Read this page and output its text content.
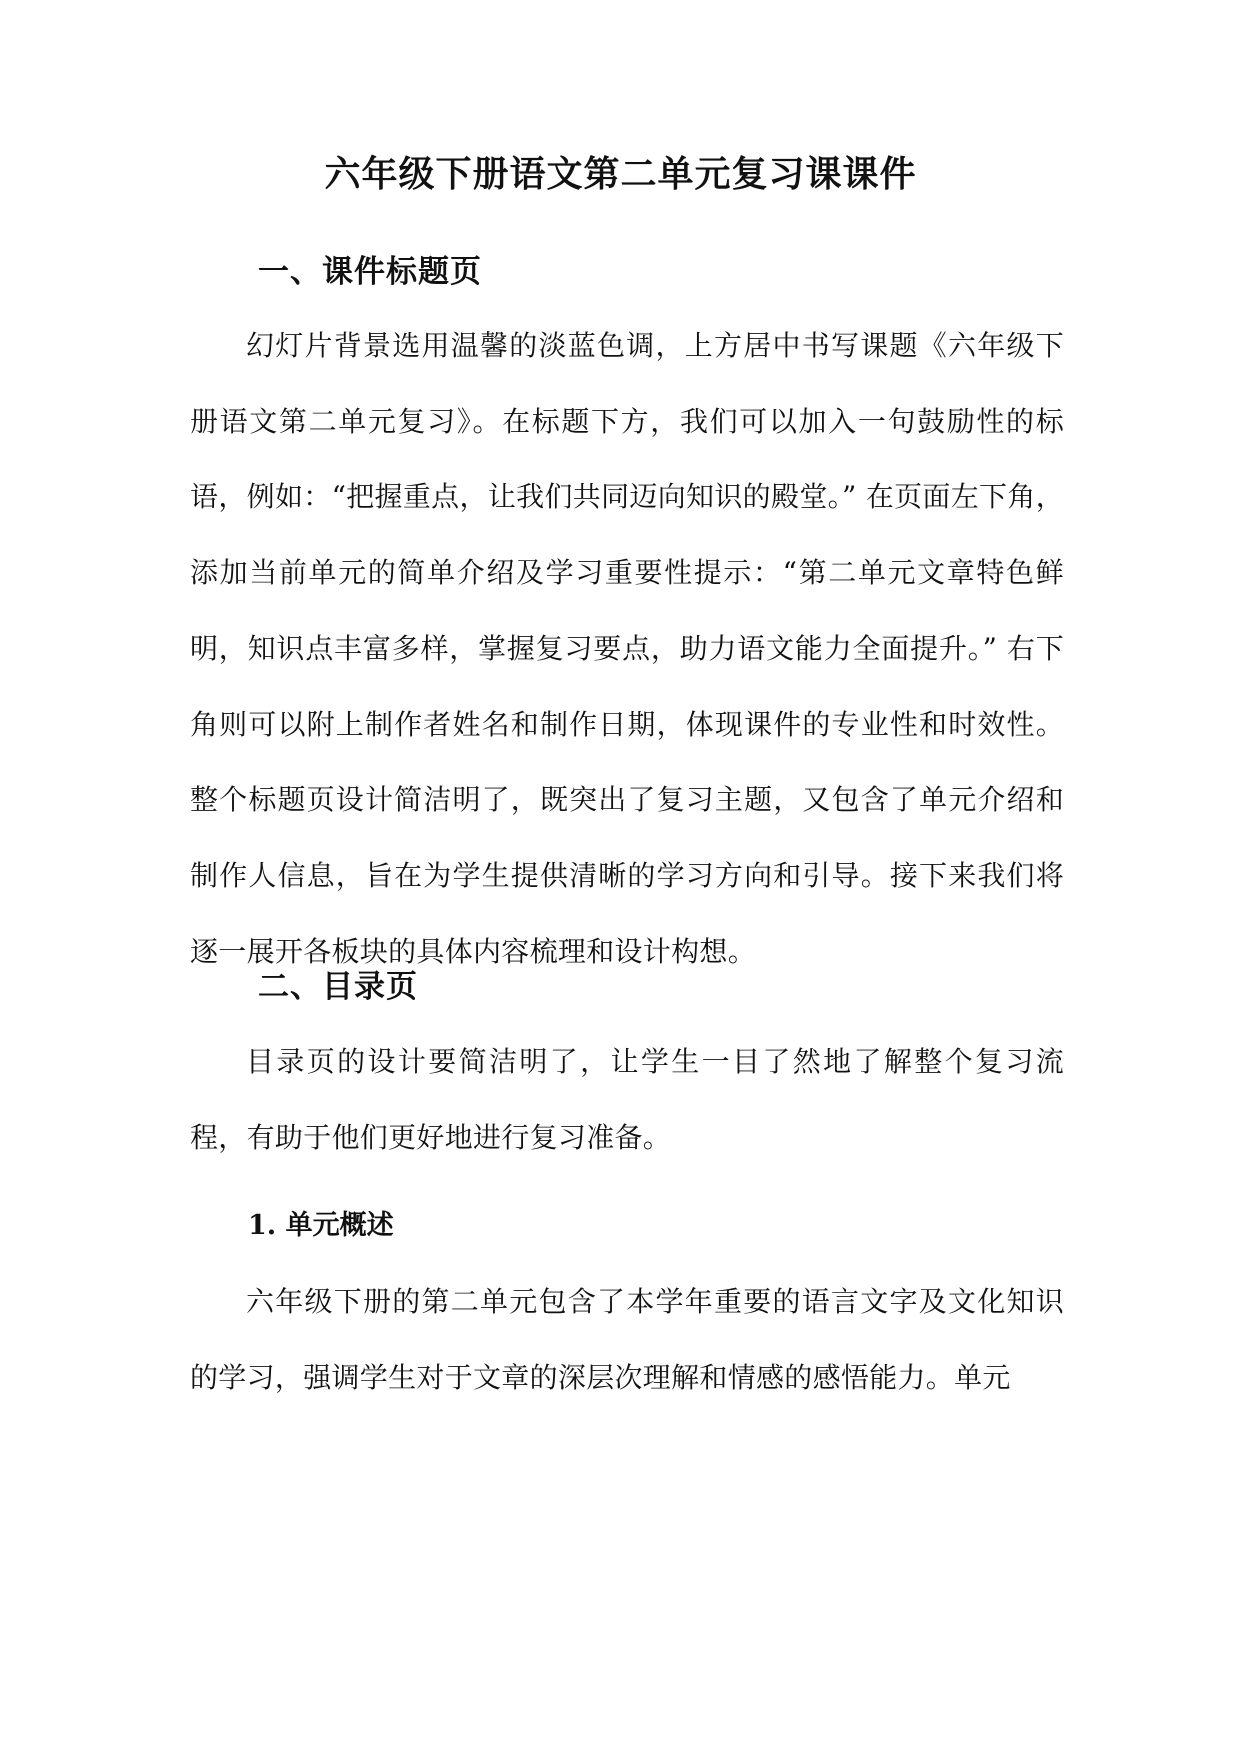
六年级下册语文第二单元复习课课件
一、课件标题页

幻灯片背景选用温馨的淡蓝色调，上方居中书写课题《六年级下册语文第二单元复习》。在标题下方，我们可以加入一句鼓励性的标语，例如：“把握重点，让我们共同迈向知识的殿堂。” 在页面左下角，添加当前单元的简单介绍及学习重要性提示：“第二单元文章特色鲜明，知识点丰富多样，掌握复习要点，助力语文能力全面提升。” 右下角则可以附上制作者姓名和制作日期，体现课件的专业性和时效性。整个标题页设计简洁明了，既突出了复习主题，又包含了单元介绍和制作人信息，旨在为学生提供清晰的学习方向和引导。接下来我们将逐一展开各板块的具体内容梳理和设计构想。

二、目录页

目录页的设计要简洁明了，让学生一目了然地了解整个复习流程，有助于他们更好地进行复习准备。

1. 单元概述

六年级下册的第二单元包含了本学年重要的语言文字及文化知识的学习，强调学生对于文章的深层次理解和情感的感悟能力。单元
